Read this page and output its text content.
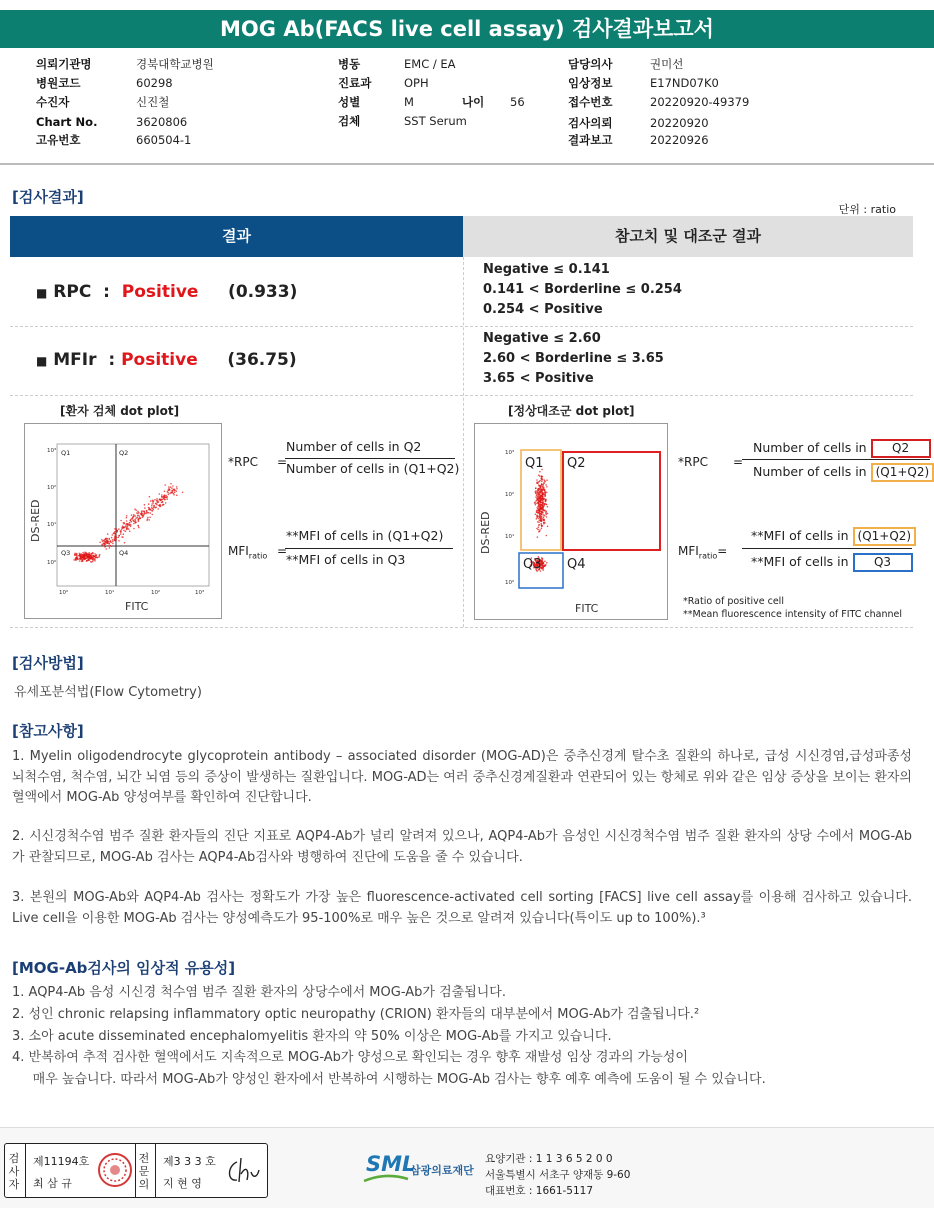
MOG Ab(FACS live cell assay) 검사결과보고서
의뢰기관명	경북대학교병원
병원코드	60298
수진자	신진철
Chart No.	3620806
고유번호	660504-1
병동	EMC / EA
진료과	OPH
성별	M	나이 56
검체	SST Serum
담당의사	권미선
임상정보	E17ND07K0
접수번호	20220920-49379
검사의뢰	20220920
결과보고	20220926
[검사결과]
단위 : ratio
결과	참고치 및 대조군 결과
■ RPC : Positive (0.933)
Negative ≤ 0.141
0.141 < Borderline ≤ 0.254
0.254 < Positive
■ MFIr : Positive (36.75)
Negative ≤ 2.60
2.60 < Borderline ≤ 3.65
3.65 < Positive
[환자 검체 dot plot]
Q1	Q2
Q3	Q4
10³
10²
10¹
10⁰
10⁰	10¹	10²	10³
FITC
DS-RED
*RPC =
Number of cells in Q2
Number of cells in (Q1+Q2)
$MFI_{ratio}$ =
**MFI of cells in (Q1+Q2)
**MFI of cells in Q3
[정상대조군 dot plot]
Q1 Q2
Q3 Q4
10³
10²
10¹
10⁰
FITC
DS-RED
*RPC =
Number of cells in Q2
Number of cells in (Q1+Q2)
$MFI_{ratio}=$
**MFI of cells in (Q1+Q2)
**MFI of cells in Q3
*Ratio of positive cell
**Mean fluorescence intensity of FITC channel
[검사방법]
유세포분석법(Flow Cytometry)
[참고사항]
1. Myelin oligodendrocyte glycoprotein antibody – associated disorder (MOG-AD)은 중추신경계 탈수초 질환의 하나로, 급성 시신경염,급성파종성 뇌척수염, 척수염, 뇌간 뇌염 등의 증상이 발생하는 질환입니다. MOG-AD는 여러 중추신경계질환과 연관되어 있는 항체로 위와 같은 임상 증상을 보이는 환자의 혈액에서 MOG-Ab 양성여부를 확인하여 진단합니다.
2. 시신경척수염 범주 질환 환자들의 진단 지표로 AQP4-Ab가 널리 알려져 있으나, AQP4-Ab가 음성인 시신경척수염 범주 질환 환자의 상당 수에서 MOG-Ab가 관찰되므로, MOG-Ab 검사는 AQP4-Ab검사와 병행하여 진단에 도움을 줄 수 있습니다.
3. 본원의 MOG-Ab와 AQP4-Ab 검사는 정확도가 가장 높은 fluorescence-activated cell sorting [FACS] live cell assay를 이용해 검사하고 있습니다. Live cell을 이용한 MOG-Ab 검사는 양성예측도가 95-100%로 매우 높은 것으로 알려져 있습니다(특이도 up to 100%).³
[MOG-Ab검사의 임상적 유용성]
1. AQP4-Ab 음성 시신경 척수염 범주 질환 환자의 상당수에서 MOG-Ab가 검출됩니다.
2. 성인 chronic relapsing inflammatory optic neuropathy (CRION) 환자들의 대부분에서 MOG-Ab가 검출됩니다.²
3. 소아 acute disseminated encephalomyelitis 환자의 약 50% 이상은 MOG-Ab를 가지고 있습니다.
4. 반복하여 추적 검사한 혈액에서도 지속적으로 MOG-Ab가 양성으로 확인되는 경우 향후 재발성 임상 경과의 가능성이
매우 높습니다. 따라서 MOG-Ab가 양성인 환자에서 반복하여 시행하는 MOG-Ab 검사는 향후 예후 예측에 도움이 될 수 있습니다.
검
사
자
제11194호
최 삼 규
전
문
의
제3 3 3 호
지 현 영
SML
삼광의료재단
요양기관 : 1 1 3 6 5 2 0 0
서울특별시 서초구 양재동 9-60
대표번호 : 1661-5117
